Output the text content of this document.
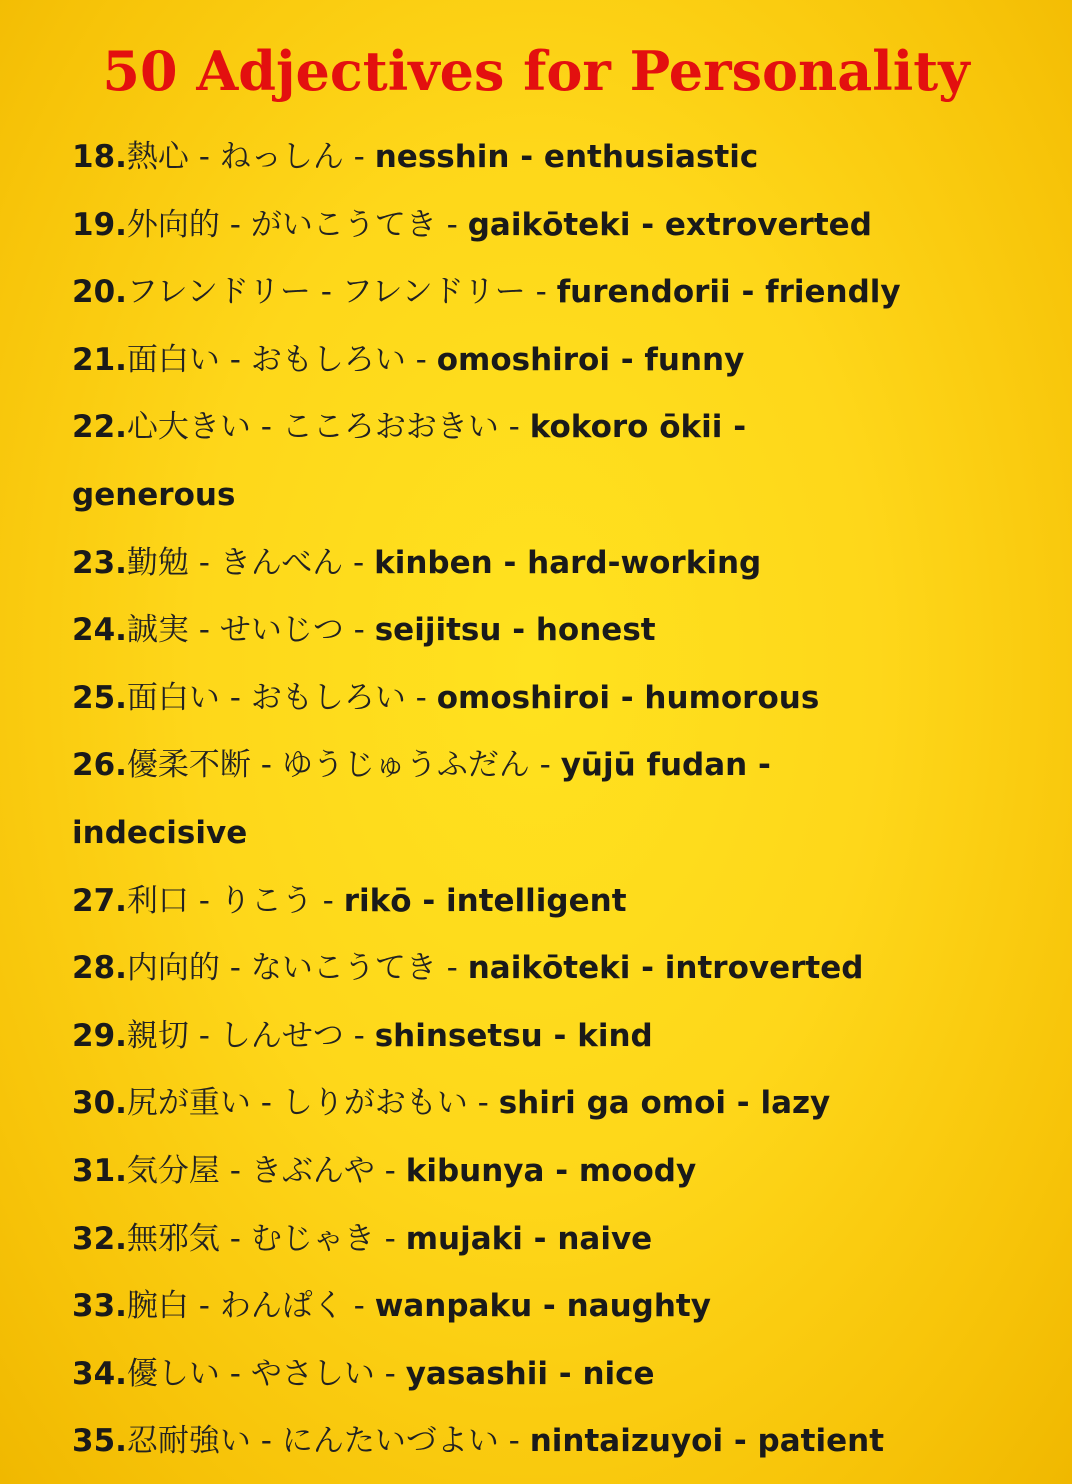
50 Adjectives for Personality
18.熱心 - ねっしん - nesshin - enthusiastic
19.外向的 - がいこうてき - gaikōteki - extroverted
20.フレンドリー - フレンドリー - furendorii - friendly
21.面白い - おもしろい - omoshiroi - funny
22.心大きい - こころおおきい - kokoro ōkii -
generous
23.勤勉 - きんべん - kinben - hard-working
24.誠実 - せいじつ - seijitsu - honest
25.面白い - おもしろい - omoshiroi - humorous
26.優柔不断 - ゆうじゅうふだん - yūjū fudan -
indecisive
27.利口 - りこう - rikō - intelligent
28.内向的 - ないこうてき - naikōteki - introverted
29.親切 - しんせつ - shinsetsu - kind
30.尻が重い - しりがおもい - shiri ga omoi - lazy
31.気分屋 - きぶんや - kibunya - moody
32.無邪気 - むじゃき - mujaki - naive
33.腕白 - わんぱく - wanpaku - naughty
34.優しい - やさしい - yasashii - nice
35.忍耐強い - にんたいづよい - nintaizuyoi - patient
